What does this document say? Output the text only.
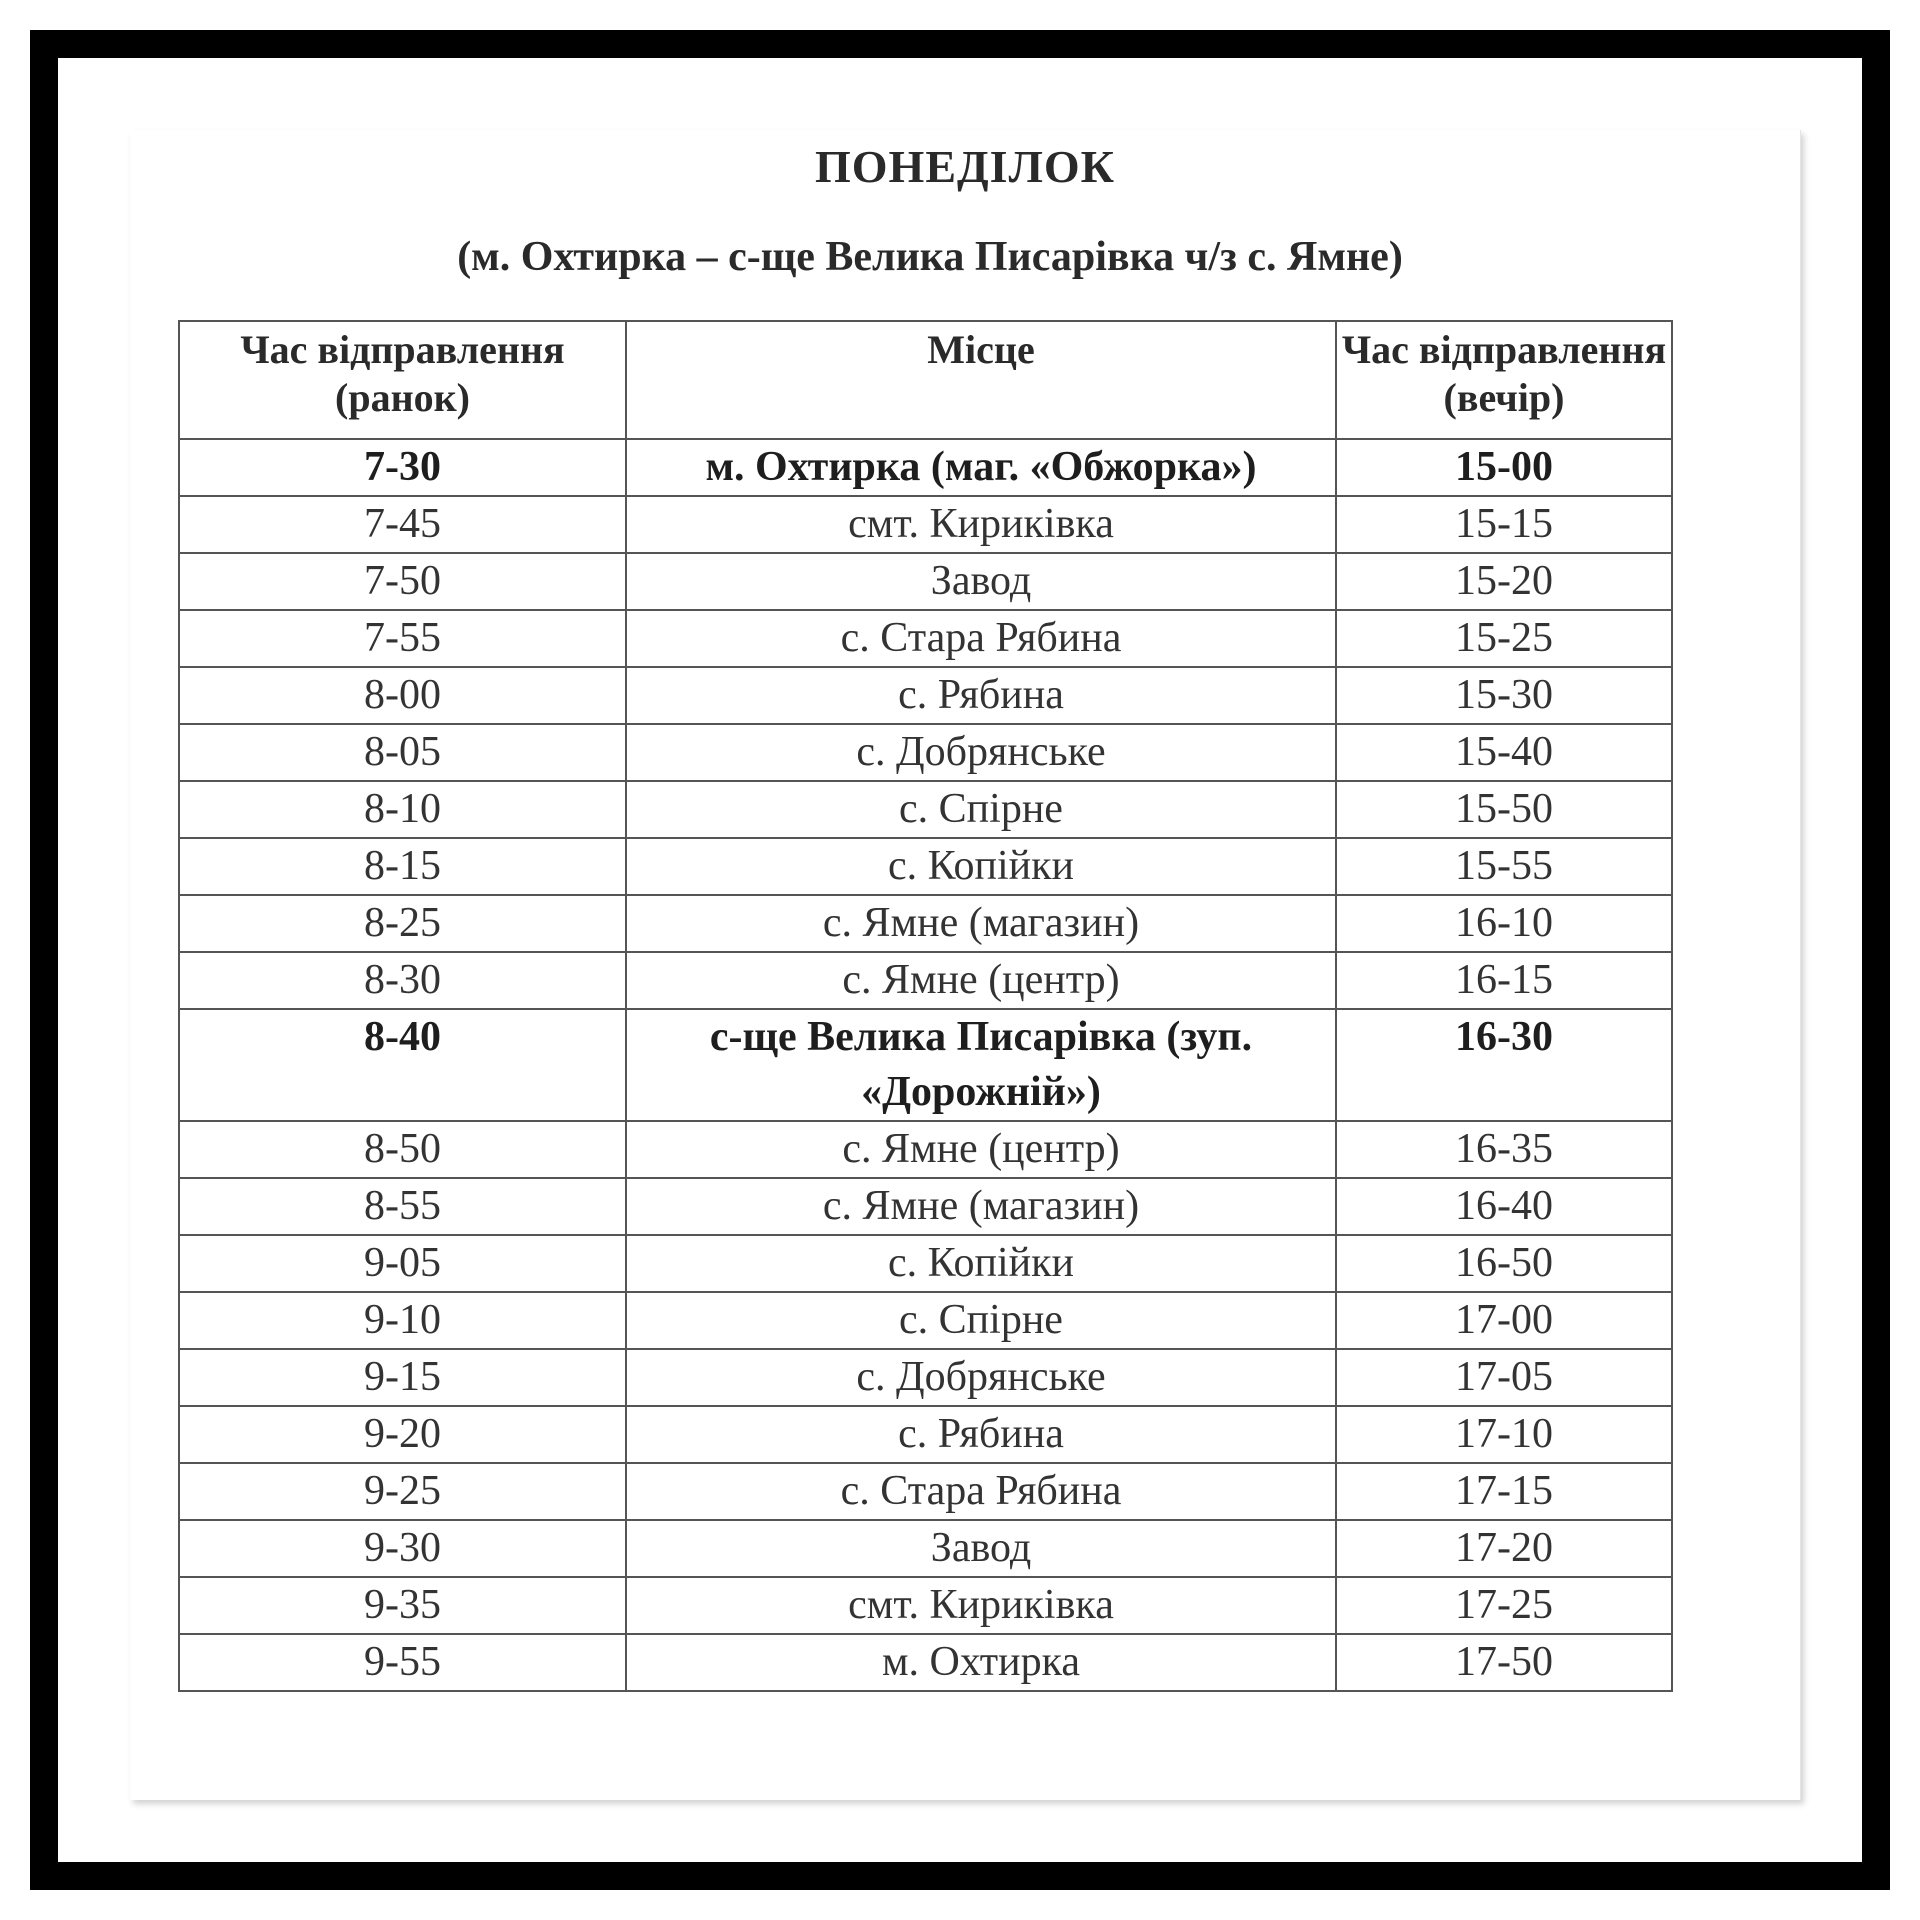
ПОНЕДІЛОК
(м. Охтирка – с-ще Велика Писарівка ч/з с. Ямне)
Час відправлення (ранок)	Місце	Час відправлення (вечір)
7-30	м. Охтирка (маг. «Обжорка»)	15-00
7-45	смт. Кириківка	15-15
7-50	Завод	15-20
7-55	с. Стара Рябина	15-25
8-00	с. Рябина	15-30
8-05	с. Добрянське	15-40
8-10	с. Спірне	15-50
8-15	с. Копійки	15-55
8-25	с. Ямне (магазин)	16-10
8-30	с. Ямне (центр)	16-15
8-40	с-ще Велика Писарівка (зуп. «Дорожній»)	16-30
8-50	с. Ямне (центр)	16-35
8-55	с. Ямне (магазин)	16-40
9-05	с. Копійки	16-50
9-10	с. Спірне	17-00
9-15	с. Добрянське	17-05
9-20	с. Рябина	17-10
9-25	с. Стара Рябина	17-15
9-30	Завод	17-20
9-35	смт. Кириківка	17-25
9-55	м. Охтирка	17-50
